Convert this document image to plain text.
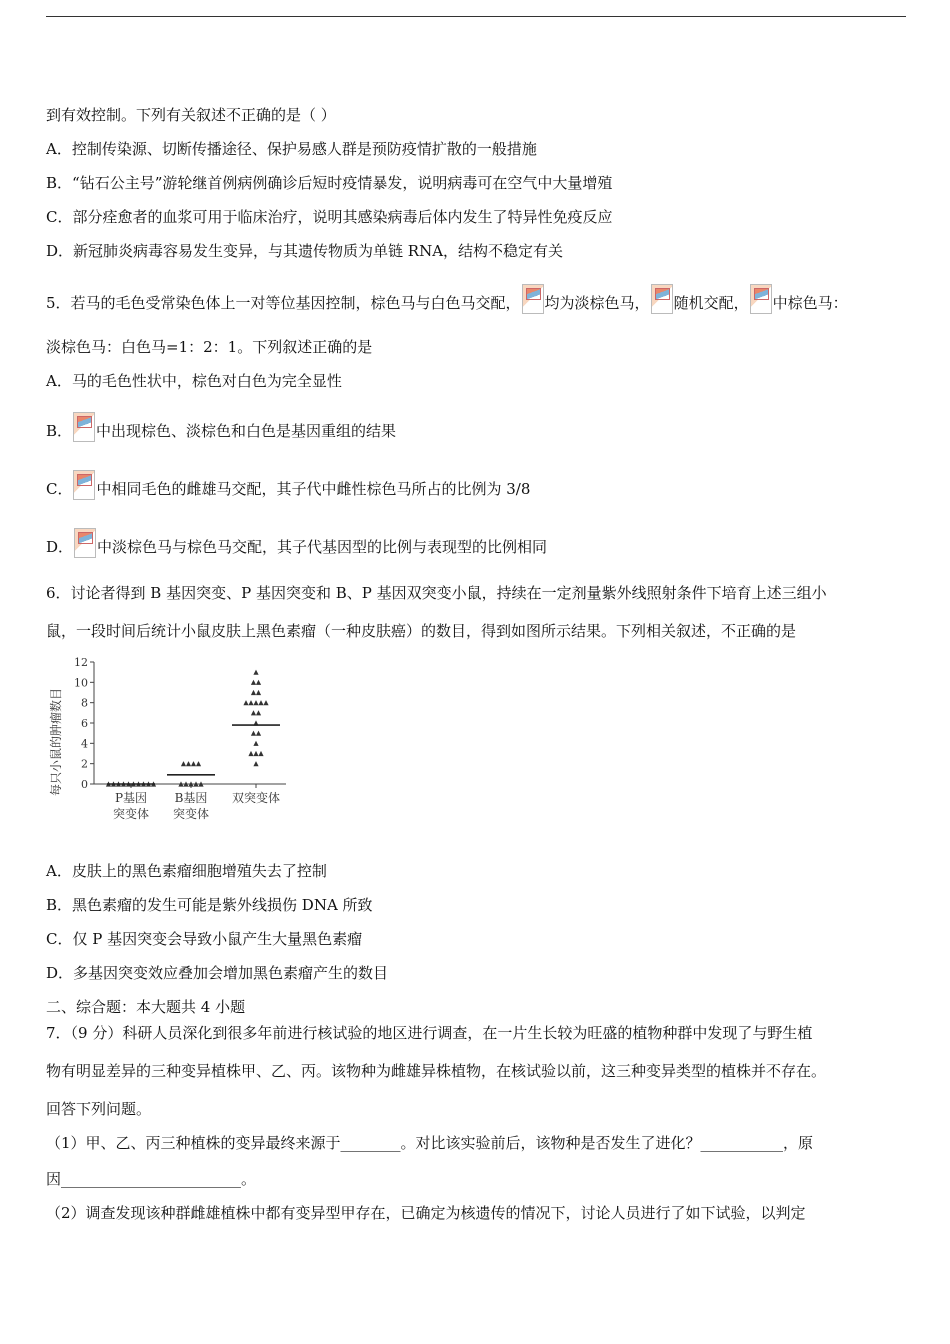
到有效控制。下列有关叙述不正确的是（ ）
A．控制传染源、切断传播途径、保护易感人群是预防疫情扩散的一般措施
B．“钻石公主号”游轮继首例病例确诊后短时疫情暴发，说明病毒可在空气中大量增殖
C．部分痊愈者的血浆可用于临床治疗，说明其感染病毒后体内发生了特异性免疫反应
D．新冠肺炎病毒容易发生变异，与其遗传物质为单链 RNA，结构不稳定有关
5．若马的毛色受常染色体上一对等位基因控制，棕色马与白色马交配， 均为淡棕色马， 随机交配， 中棕色马：
淡棕色马：白色马=1：2：1。下列叙述正确的是
A．马的毛色性状中，棕色对白色为完全显性
B． 中出现棕色、淡棕色和白色是基因重组的结果
C． 中相同毛色的雌雄马交配，其子代中雌性棕色马所占的比例为 3/8
D． 中淡棕色马与棕色马交配，其子代基因型的比例与表现型的比例相同
6．讨论者得到 B 基因突变、P 基因突变和 B、P 基因双突变小鼠，持续在一定剂量紫外线照射条件下培育上述三组小
鼠，一段时间后统计小鼠皮肤上黑色素瘤（一种皮肤癌）的数目，得到如图所示结果。下列相关叙述，不正确的是
每只小鼠的肿瘤数目 0
2
4
6
8
10
12
P基因
突变体
B基因
突变体
双突变体
A．皮肤上的黑色素瘤细胞增殖失去了控制
B．黑色素瘤的发生可能是紫外线损伤 DNA 所致
C．仅 P 基因突变会导致小鼠产生大量黑色素瘤
D．多基因突变效应叠加会增加黑色素瘤产生的数目
二、综合题：本大题共 4 小题
7．（9 分）科研人员深化到很多年前进行核试验的地区进行调查，在一片生长较为旺盛的植物种群中发现了与野生植
物有明显差异的三种变异植株甲、乙、丙。该物种为雌雄异株植物，在核试验以前，这三种变异类型的植株并不存在。
回答下列问题。
（1）甲、乙、丙三种植株的变异最终来源于________。对比该实验前后，该物种是否发生了进化？___________，原
因________________________。
（2）调查发现该种群雌雄植株中都有变异型甲存在，已确定为核遗传的情况下，讨论人员进行了如下试验，以判定
